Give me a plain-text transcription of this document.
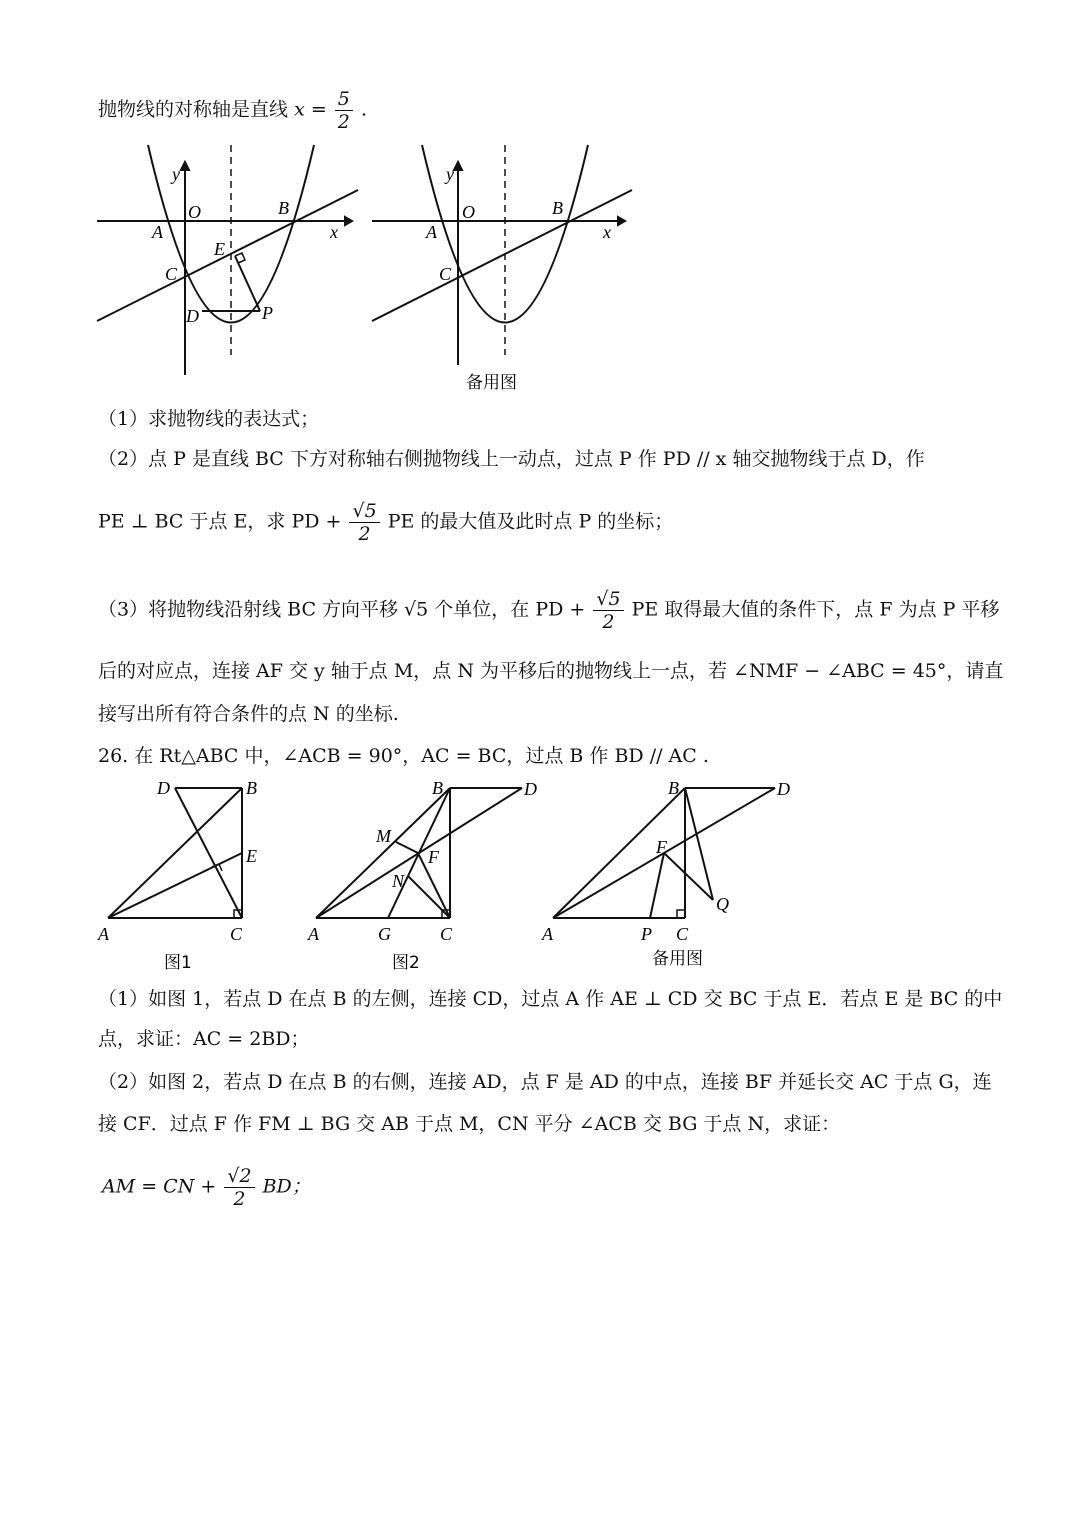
抛物线的对称轴是直线 $x = \frac{5}{2}$ .
y
O
A
B
x
E
C
D	P
y
O
A
B
x
C
备用图
（1）求抛物线的表达式；
（2）点 P 是直线 BC 下方对称轴右侧抛物线上一动点，过点 P 作 PD // x 轴交抛物线于点 D，作
PE ⊥ BC 于点 E，求 PD + $\frac{√5}{2}$ PE 的最大值及此时点 P 的坐标；
（3）将抛物线沿射线 BC 方向平移 √5 个单位，在 PD + $\frac{√5}{2}$ PE 取得最大值的条件下，点 F 为点 P 平移
后的对应点，连接 AF 交 y 轴于点 M，点 N 为平移后的抛物线上一点，若 ∠NMF − ∠ABC = 45°，请直
接写出所有符合条件的点 N 的坐标.
26. 在 Rt△ABC 中，∠ACB = 90°，AC = BC，过点 B 作 BD // AC .
D	B
E
A	C
图1
B	D
M
F
N
A	G	C
图2
B	D
F
Q
A	P C
备用图
（1）如图 1，若点 D 在点 B 的左侧，连接 CD，过点 A 作 AE ⊥ CD 交 BC 于点 E．若点 E 是 BC 的中
点，求证：AC = 2BD；
（2）如图 2，若点 D 在点 B 的右侧，连接 AD，点 F 是 AD 的中点，连接 BF 并延长交 AC 于点 G，连
接 CF．过点 F 作 FM ⊥ BG 交 AB 于点 M，CN 平分 ∠ACB 交 BG 于点 N，求证：
AM = CN + $\frac{√2}{2}$ BD；
